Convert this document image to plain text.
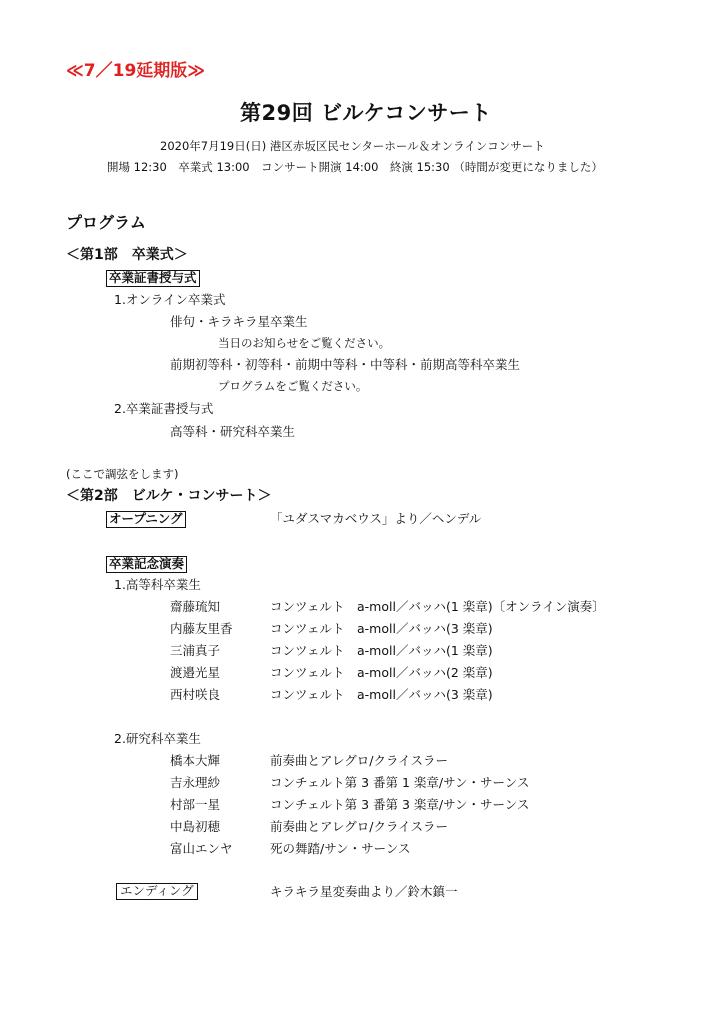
≪7／19延期版≫
第29回 ビルケコンサート
2020年7月19日(日) 港区赤坂区民センターホール＆オンラインコンサート
開場 12:30　卒業式 13:00　コンサート開演 14:00　終演 15:30 （時間が変更になりました）
プログラム
＜第1部　卒業式＞
卒業証書授与式
1.オンライン卒業式
俳句・キラキラ星卒業生
当日のお知らせをご覧ください。
前期初等科・初等科・前期中等科・中等科・前期高等科卒業生
プログラムをご覧ください。
2.卒業証書授与式
高等科・研究科卒業生
(ここで調弦をします)
＜第2部　ビルケ・コンサート＞
オープニング	「ユダスマカベウス」より／ヘンデル
卒業記念演奏
1.高等科卒業生
齋藤琉知	コンツェルト　a-moll／バッハ(1 楽章)〔オンライン演奏〕
内藤友里香	コンツェルト　a-moll／バッハ(3 楽章)
三浦真子	コンツェルト　a-moll／バッハ(1 楽章)
渡邉光星	コンツェルト　a-moll／バッハ(2 楽章)
西村咲良	コンツェルト　a-moll／バッハ(3 楽章)
2.研究科卒業生
橋本大輝	前奏曲とアレグロ/クライスラー
吉永理紗	コンチェルト第 3 番第 1 楽章/サン・サーンス
村部一星	コンチェルト第 3 番第 3 楽章/サン・サーンス
中島初穂	前奏曲とアレグロ/クライスラー
富山エンヤ	死の舞踏/サン・サーンス
エンディング	キラキラ星変奏曲より／鈴木鎮一
